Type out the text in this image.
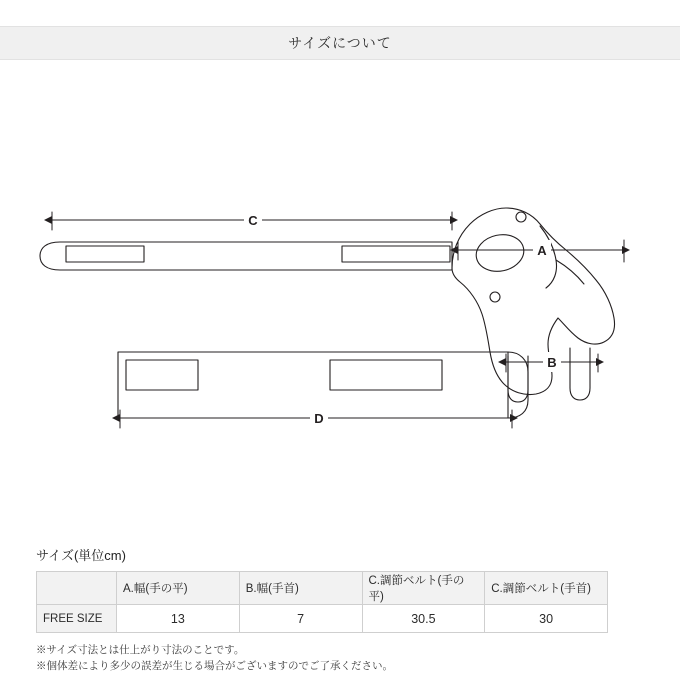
サイズについて
C
A
B
D
サイズ(単位cm)
	A.幅(手の平)	B.幅(手首)	C.調節ベルト(手の平)	C.調節ベルト(手首)
FREE SIZE	13	7	30.5	30
※サイズ寸法とは仕上がり寸法のことです。
※個体差により多少の誤差が生じる場合がございますのでご了承ください。
